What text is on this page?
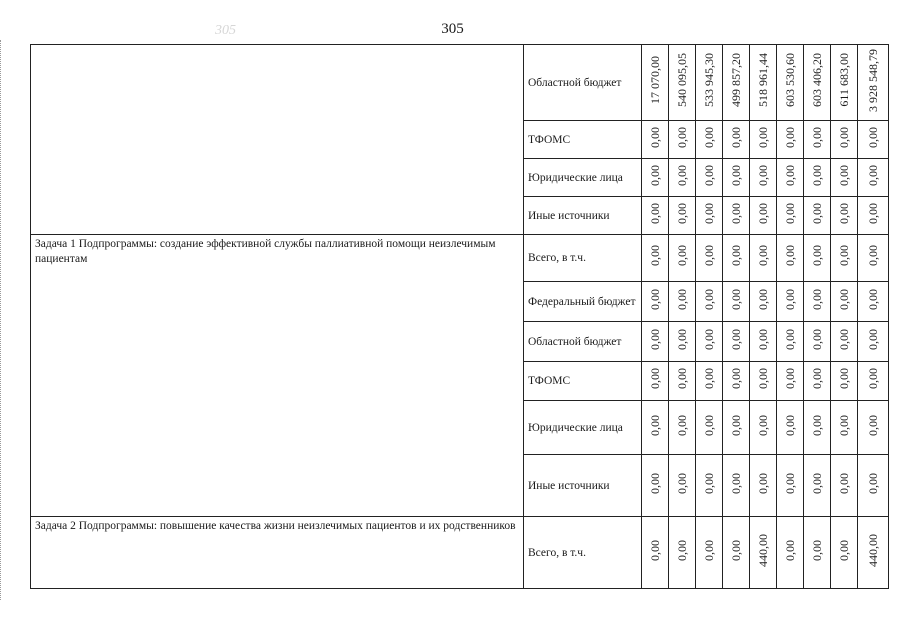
305
305
	Областной бюджет	17 070,00	540 095,05	533 945,30	499 857,20	518 961,44	603 530,60	603 406,20	611 683,00	3 928 548,79
	ТФОМС	0,00	0,00	0,00	0,00	0,00	0,00	0,00	0,00	0,00
	Юридические лица	0,00	0,00	0,00	0,00	0,00	0,00	0,00	0,00	0,00
	Иные источники	0,00	0,00	0,00	0,00	0,00	0,00	0,00	0,00	0,00
Задача 1 Подпрограммы: создание эффективной службы паллиативной помощи неизлечимым пациентам	Всего, в т.ч.	0,00	0,00	0,00	0,00	0,00	0,00	0,00	0,00	0,00
	Федеральный бюджет	0,00	0,00	0,00	0,00	0,00	0,00	0,00	0,00	0,00
	Областной бюджет	0,00	0,00	0,00	0,00	0,00	0,00	0,00	0,00	0,00
	ТФОМС	0,00	0,00	0,00	0,00	0,00	0,00	0,00	0,00	0,00
	Юридические лица	0,00	0,00	0,00	0,00	0,00	0,00	0,00	0,00	0,00
	Иные источники	0,00	0,00	0,00	0,00	0,00	0,00	0,00	0,00	0,00
Задача 2 Подпрограммы: повышение качества жизни неизлечимых пациентов и их родственников	Всего, в т.ч.	0,00	0,00	0,00	0,00	440,00	0,00	0,00	0,00	440,00
